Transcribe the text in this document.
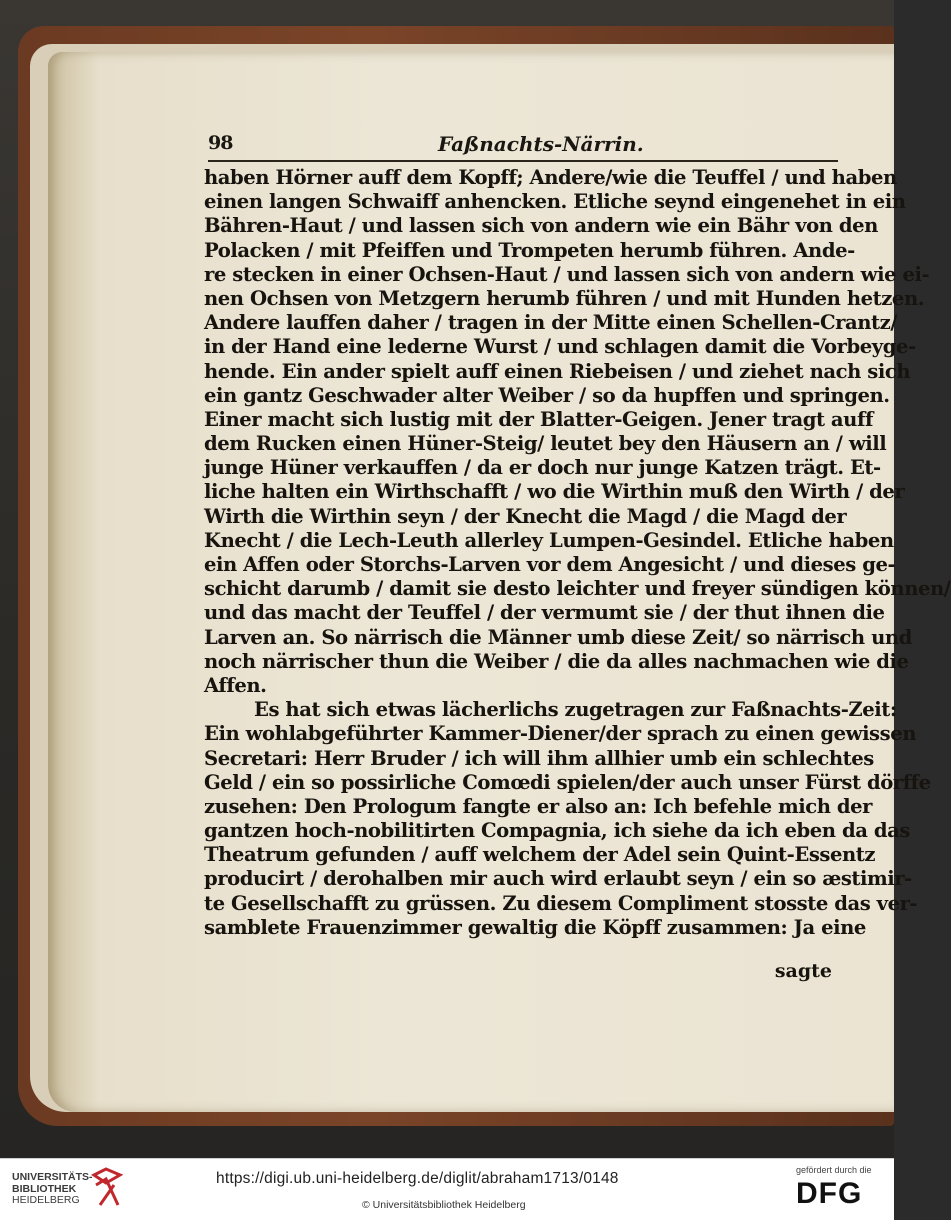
98	Faßnachts-Närrin.
haben Hörner auff dem Kopff; Andere/wie die Teuffel / und haben
einen langen Schwaiff anhencken. Etliche seynd eingenehet in ein
Bähren-Haut / und lassen sich von andern wie ein Bähr von den
Polacken / mit Pfeiffen und Trompeten herumb führen. Ande-
re stecken in einer Ochsen-Haut / und lassen sich von andern wie ei-
nen Ochsen von Metzgern herumb führen / und mit Hunden hetzen.
Andere lauffen daher / tragen in der Mitte einen Schellen-Crantz/
in der Hand eine lederne Wurst / und schlagen damit die Vorbeyge-
hende. Ein ander spielt auff einen Riebeisen / und ziehet nach sich
ein gantz Geschwader alter Weiber / so da hupffen und springen.
Einer macht sich lustig mit der Blatter-Geigen. Jener tragt auff
dem Rucken einen Hüner-Steig/ leutet bey den Häusern an / will
junge Hüner verkauffen / da er doch nur junge Katzen trägt. Et-
liche halten ein Wirthschafft / wo die Wirthin muß den Wirth / der
Wirth die Wirthin seyn / der Knecht die Magd / die Magd der
Knecht / die Lech-Leuth allerley Lumpen-Gesindel. Etliche haben
ein Affen oder Storchs-Larven vor dem Angesicht / und dieses ge-
schicht darumb / damit sie desto leichter und freyer sündigen können/
und das macht der Teuffel / der vermumt sie / der thut ihnen die
Larven an. So närrisch die Männer umb diese Zeit/ so närrisch und
noch närrischer thun die Weiber / die da alles nachmachen wie die
Affen.
Es hat sich etwas lächerlichs zugetragen zur Faßnachts-Zeit:
Ein wohlabgeführter Kammer-Diener/der sprach zu einen gewissen
Secretari: Herr Bruder / ich will ihm allhier umb ein schlechtes
Geld / ein so possirliche Comœdi spielen/der auch unser Fürst dörffe
zusehen: Den Prologum fangte er also an: Ich befehle mich der
gantzen hoch-nobilitirten Compagnia, ich siehe da ich eben da das
Theatrum gefunden / auff welchem der Adel sein Quint-Essentz
producirt / derohalben mir auch wird erlaubt seyn / ein so æstimir-
te Gesellschafft zu grüssen. Zu diesem Compliment stosste das ver-
samblete Frauenzimmer gewaltig die Köpff zusammen: Ja eine
sagte
UNIVERSITÄTS-
BIBLIOTHEK
HEIDELBERG
https://digi.ub.uni-heidelberg.de/diglit/abraham1713/0148
© Universitätsbibliothek Heidelberg
gefördert durch die
DFG
